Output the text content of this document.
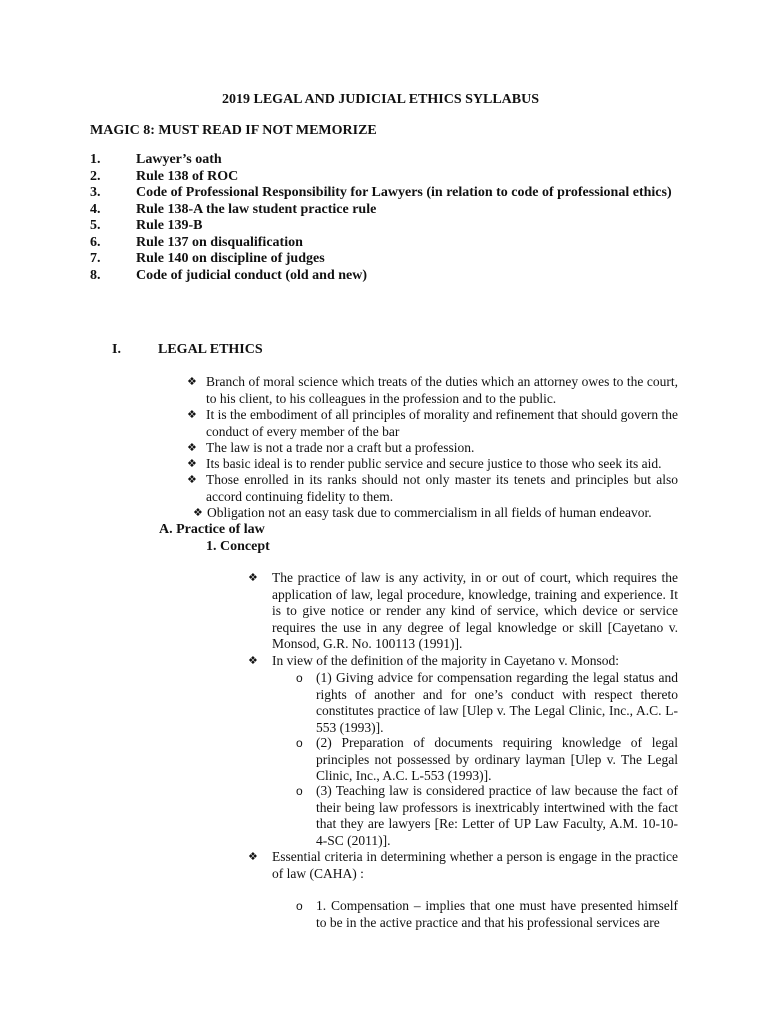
2019 LEGAL AND JUDICIAL ETHICS SYLLABUS
MAGIC 8: MUST READ IF NOT MEMORIZE
1.	Lawyer’s oath
2.	Rule 138 of ROC
3.	Code of Professional Responsibility for Lawyers (in relation to code of professional ethics)
4.	Rule 138-A the law student practice rule
5.	Rule 139-B
6.	Rule 137 on disqualification
7.	Rule 140 on discipline of judges
8.	Code of judicial conduct (old and new)
I.	LEGAL ETHICS
❖ Branch of moral science which treats of the duties which an attorney owes to the court, to his client, to his colleagues in the profession and to the public.
❖ It is the embodiment of all principles of morality and refinement that should govern the conduct of every member of the bar
❖ The law is not a trade nor a craft but a profession.
❖ Its basic ideal is to render public service and secure justice to those who seek its aid.
❖ Those enrolled in its ranks should not only master its tenets and principles but also accord continuing fidelity to them.
❖ Obligation not an easy task due to commercialism in all fields of human endeavor.
A. Practice of law
1. Concept
❖ The practice of law is any activity, in or out of court, which requires the application of law, legal procedure, knowledge, training and experience. It is to give notice or render any kind of service, which device or service requires the use in any degree of legal knowledge or skill [Cayetano v. Monsod, G.R. No. 100113 (1991)].
❖ In view of the definition of the majority in Cayetano v. Monsod:
o (1) Giving advice for compensation regarding the legal status and rights of another and for one’s conduct with respect thereto constitutes practice of law [Ulep v. The Legal Clinic, Inc., A.C. L-553 (1993)].
o (2) Preparation of documents requiring knowledge of legal principles not possessed by ordinary layman [Ulep v. The Legal Clinic, Inc., A.C. L-553 (1993)].
o (3) Teaching law is considered practice of law because the fact of their being law professors is inextricably intertwined with the fact that they are lawyers [Re: Letter of UP Law Faculty, A.M. 10-10-4-SC (2011)].
❖ Essential criteria in determining whether a person is engage in the practice of law (CAHA) :
o 1. Compensation – implies that one must have presented himself to be in the active practice and that his professional services are
